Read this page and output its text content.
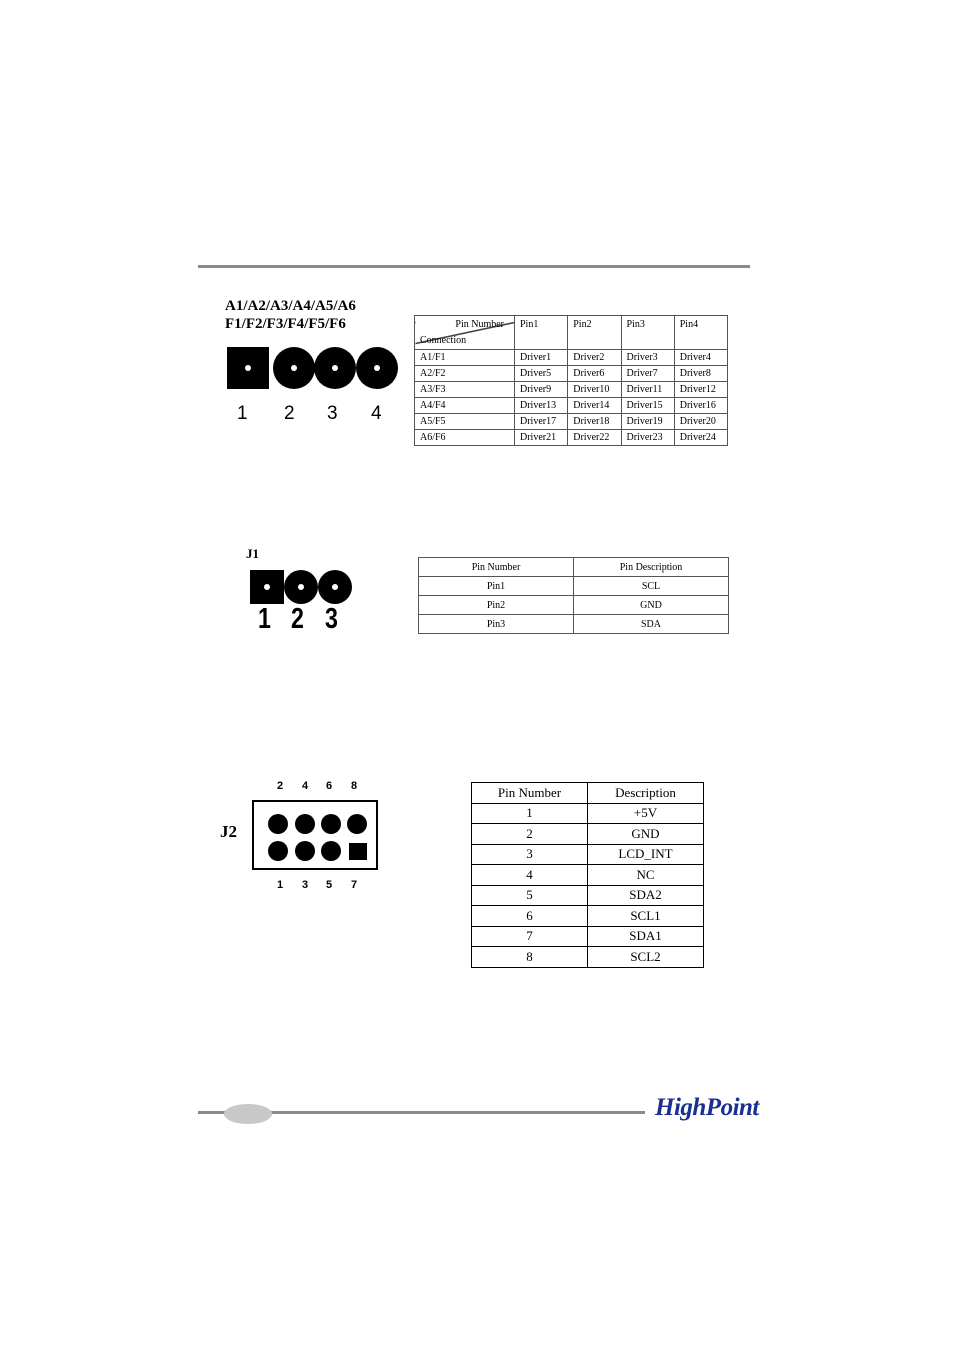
HighPoint
A1/A2/A3/A4/A5/A6
F1/F2/F3/F4/F5/F6
1 2 3 4
Pin Number
Connection	Pin1	Pin2	Pin3	Pin4
A1/F1	Driver1	Driver2	Driver3	Driver4
A2/F2	Driver5	Driver6	Driver7	Driver8
A3/F3	Driver9	Driver10	Driver11	Driver12
A4/F4	Driver13	Driver14	Driver15	Driver16
A5/F5	Driver17	Driver18	Driver19	Driver20
A6/F6	Driver21	Driver22	Driver23	Driver24
J1
1 2 3
Pin Number	Pin Description
Pin1	SCL
Pin2	GND
Pin3	SDA
J2
2 4 6 8
1 3 5 7
Pin Number	Description
1	+5V
2	GND
3	LCD_INT
4	NC
5	SDA2
6	SCL1
7	SDA1
8	SCL2
